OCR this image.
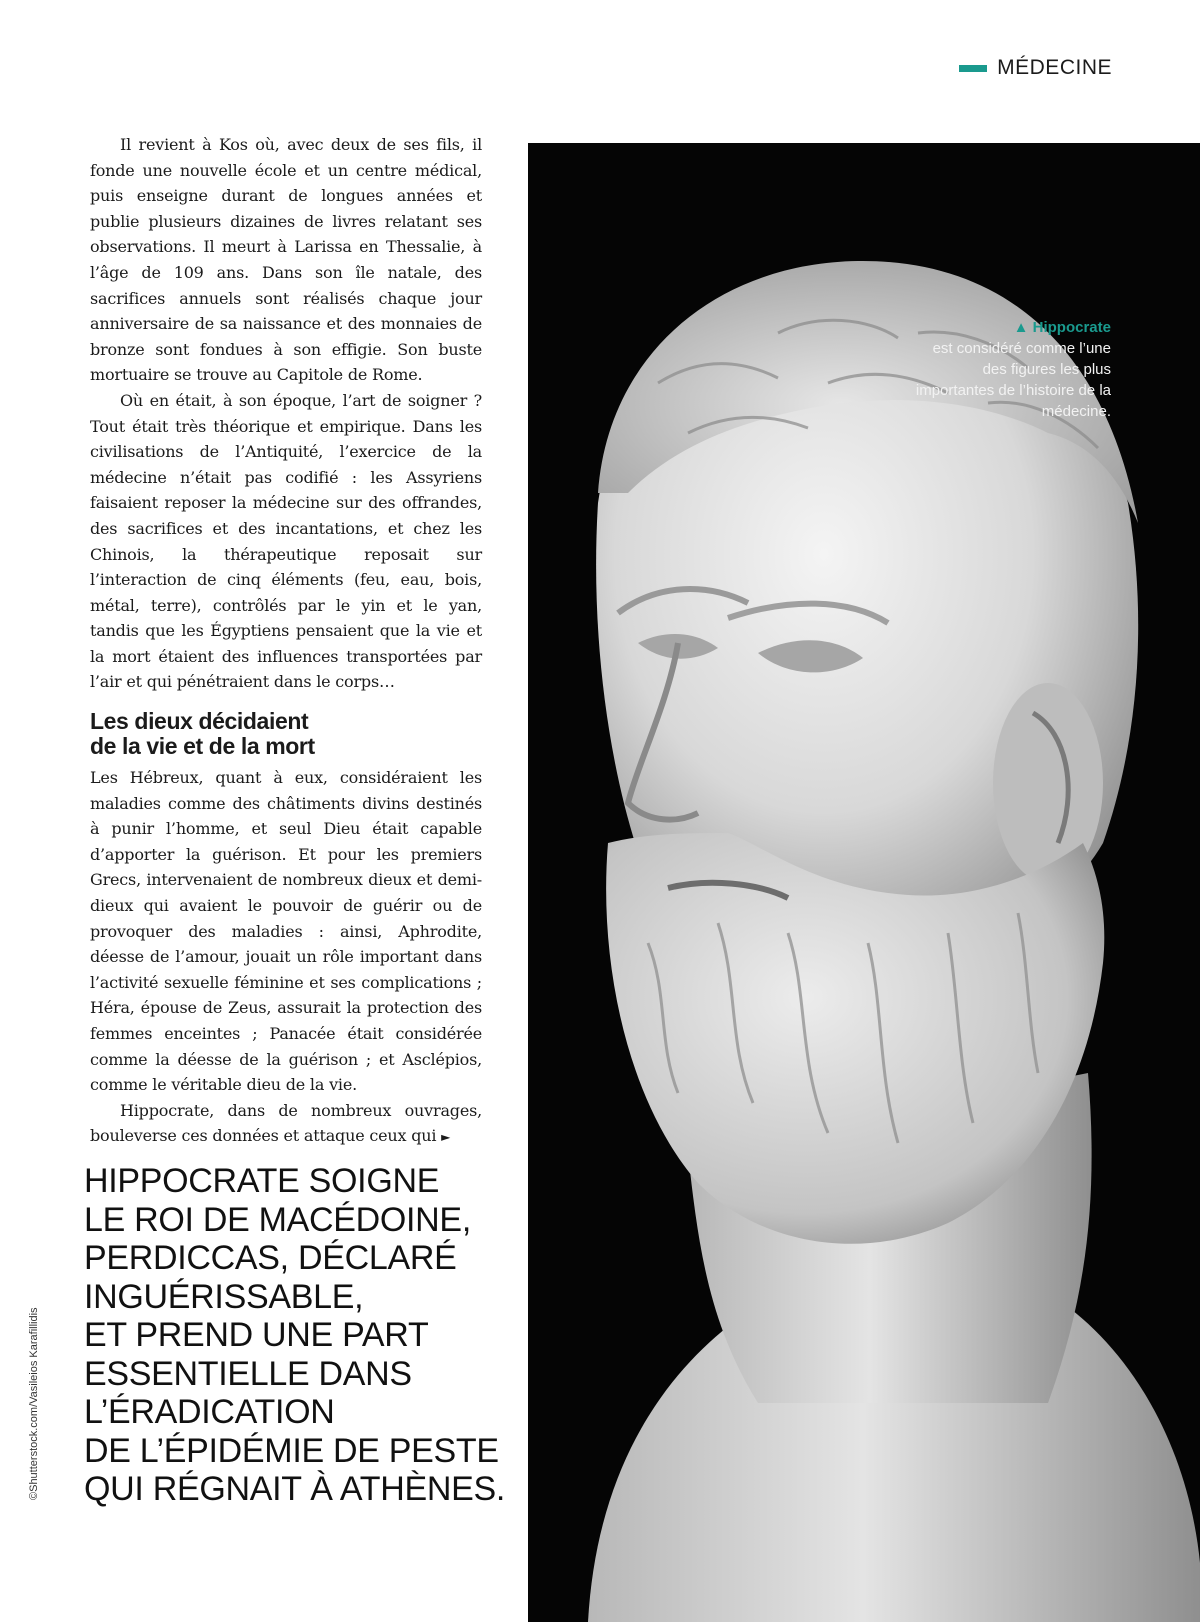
MÉDECINE
▲ Hippocrate
est considéré comme l’une des figures les plus importantes de l’histoire de la médecine.

Il revient à Kos où, avec deux de ses fils, il fonde une nouvelle école et un centre médical, puis enseigne durant de longues années et publie plusieurs dizaines de livres relatant ses observations. Il meurt à Larissa en Thessalie, à l’âge de 109 ans. Dans son île natale, des sacrifices annuels sont réalisés chaque jour anniversaire de sa naissance et des monnaies de bronze sont fondues à son effigie. Son buste mortuaire se trouve au Capitole de Rome.

Où en était, à son époque, l’art de soigner ? Tout était très théorique et empirique. Dans les civilisations de l’Antiquité, l’exercice de la médecine n’était pas codifié : les Assyriens faisaient reposer la médecine sur des offrandes, des sacrifices et des incantations, et chez les Chinois, la thérapeutique reposait sur l’interaction de cinq éléments (feu, eau, bois, métal, terre), contrôlés par le yin et le yan, tandis que les Égyptiens pensaient que la vie et la mort étaient des influences transportées par l’air et qui pénétraient dans le corps…

Les dieux décidaient
de la vie et de la mort

Les Hébreux, quant à eux, considéraient les maladies comme des châtiments divins destinés à punir l’homme, et seul Dieu était capable d’apporter la guérison. Et pour les premiers Grecs, intervenaient de nombreux dieux et demi-dieux qui avaient le pouvoir de guérir ou de provoquer des maladies : ainsi, Aphrodite, déesse de l’amour, jouait un rôle important dans l’activité sexuelle féminine et ses complications ; Héra, épouse de Zeus, assurait la protection des femmes enceintes ; Panacée était considérée comme la déesse de la guérison ; et Asclépios, comme le véritable dieu de la vie.

Hippocrate, dans de nombreux ouvrages, bouleverse ces données et attaque ceux qui ►

HIPPOCRATE SOIGNE
LE ROI DE MACÉDOINE,
PERDICCAS, DÉCLARÉ
INGUÉRISSABLE,
ET PREND UNE PART
ESSENTIELLE DANS
L’ÉRADICATION
DE L’ÉPIDÉMIE DE PESTE
QUI RÉGNAIT À ATHÈNES.
©Shutterstock.com/Vasileios Karafillidis
